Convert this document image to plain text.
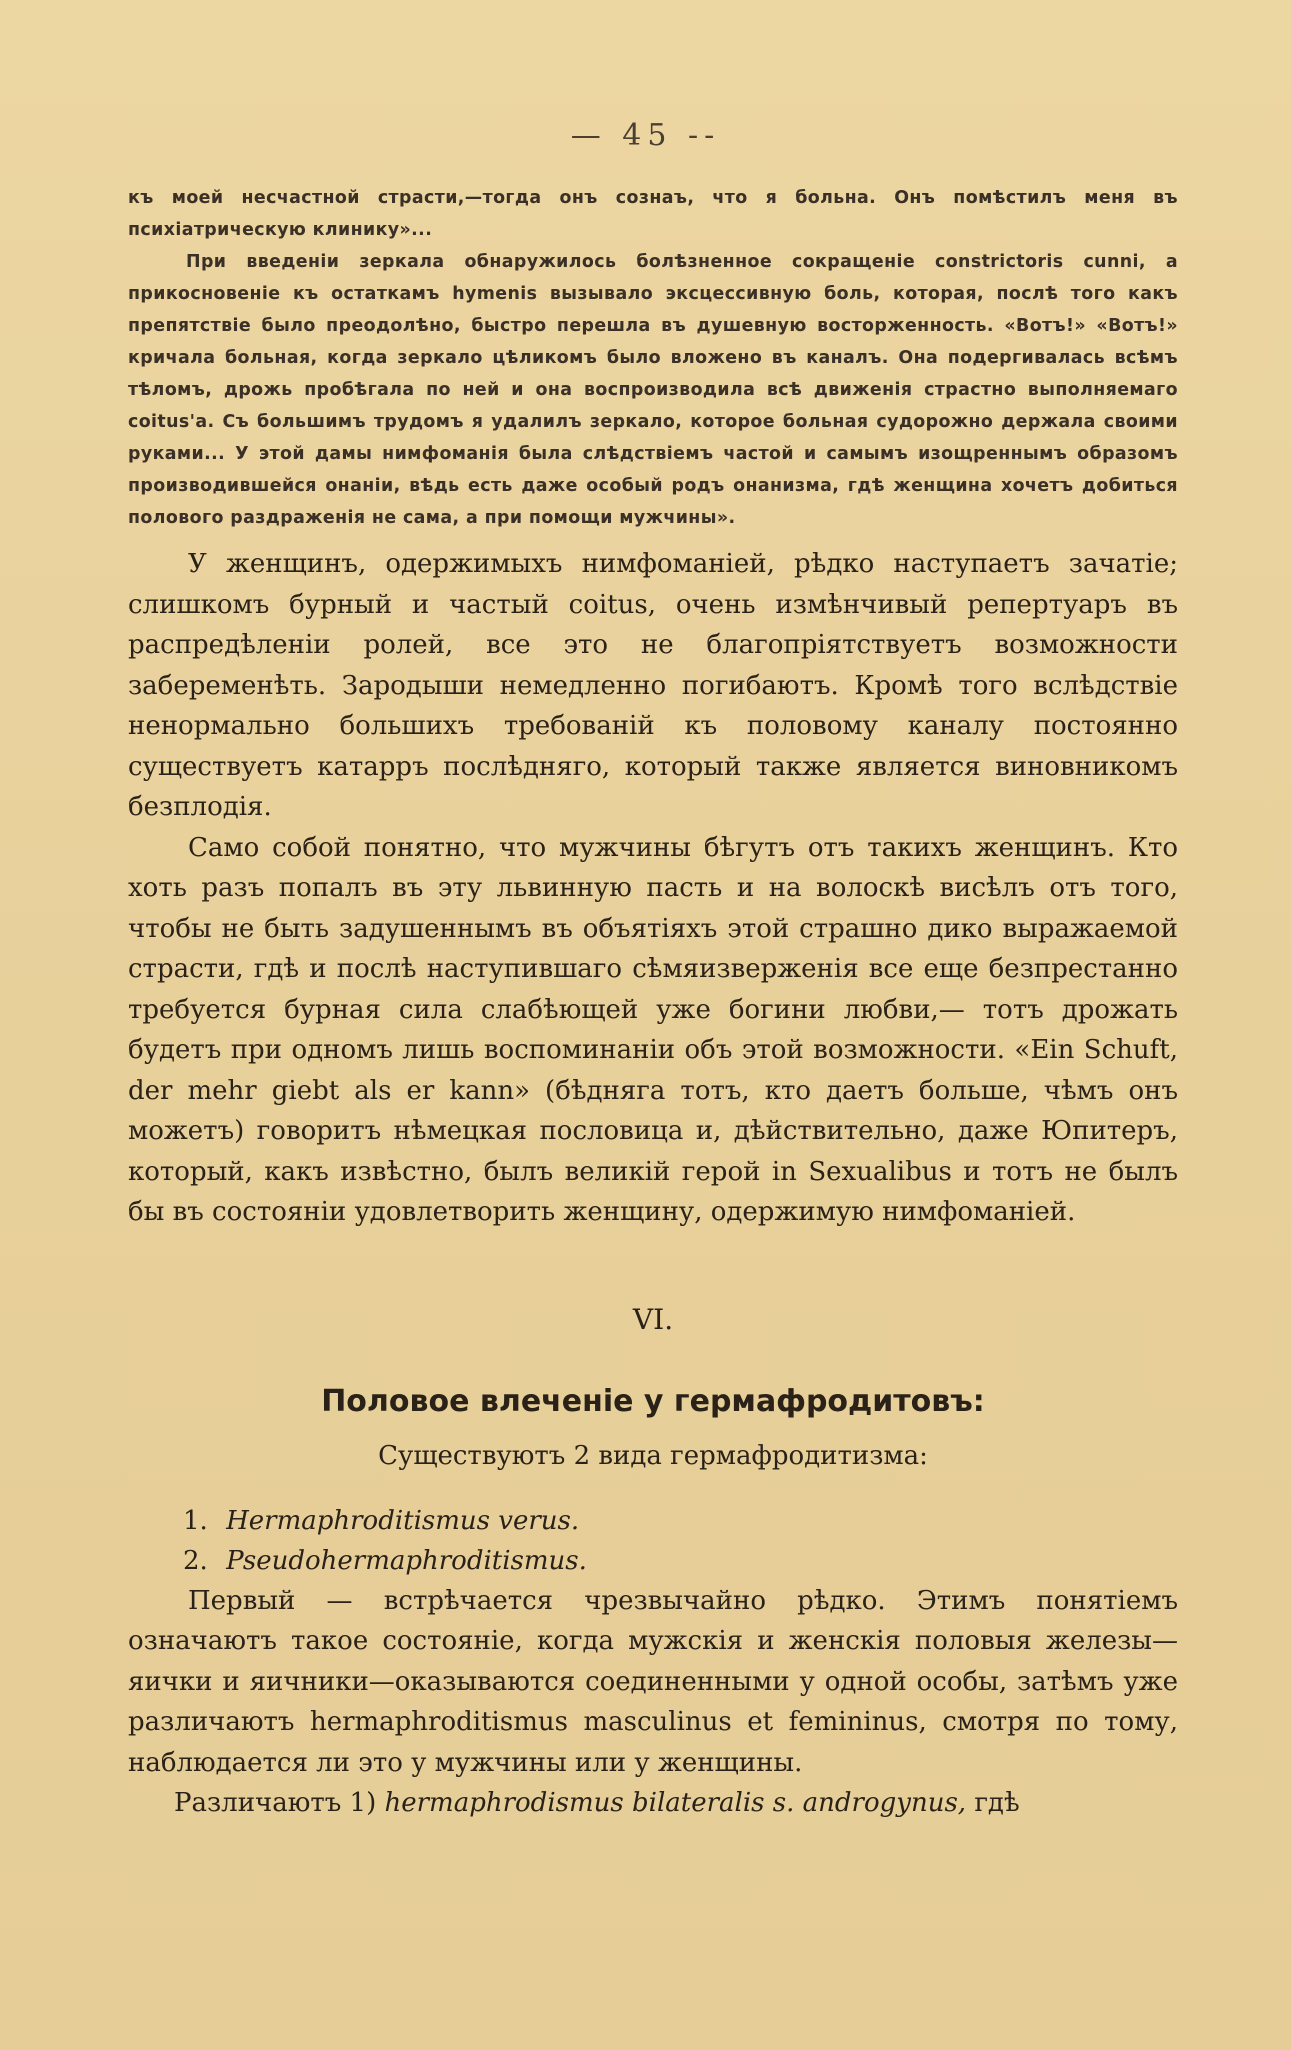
— 45 --

къ моей несчастной страсти,—тогда онъ сознаъ, что я больна. Онъ помѣстилъ меня въ психіатрическую клинику»...

При введеніи зеркала обнаружилось болѣзненное сокращеніе constrictoris cunni, а прикосновеніе къ остаткамъ hymenis вызывало эксцессивную боль, которая, послѣ того какъ препятствіе было преодолѣно, быстро перешла въ душевную восторженность. «Вотъ!» «Вотъ!» кричала больная, когда зеркало цѣликомъ было вложено въ каналъ. Она подергивалась всѣмъ тѣломъ, дрожь пробѣгала по ней и она воспроизводила всѣ движенія страстно выполняемаго coitus'a. Съ большимъ трудомъ я удалилъ зеркало, которое больная судорожно держала своими руками... У этой дамы нимфоманія была слѣдствіемъ частой и самымъ изощреннымъ образомъ производившейся онаніи, вѣдь есть даже особый родъ онанизма, гдѣ женщина хочетъ добиться полового раздраженія не сама, а при помощи мужчины».

У женщинъ, одержимыхъ нимфоманіей, рѣдко наступаетъ зачатіе; слишкомъ бурный и частый coitus, очень измѣнчивый репертуаръ въ распредѣленіи ролей, все это не благопріятствуетъ возможности забеременѣть. Зародыши немедленно погибаютъ. Кромѣ того вслѣдствіе ненормально большихъ требованій къ половому каналу постоянно существуетъ катарръ послѣдняго, который также является виновникомъ безплодія.

Само собой понятно, что мужчины бѣгутъ отъ такихъ женщинъ. Кто хоть разъ попалъ въ эту львинную пасть и на волоскѣ висѣлъ отъ того, чтобы не быть задушеннымъ въ объятіяхъ этой страшно дико выражаемой страсти, гдѣ и послѣ наступившаго сѣмяизверженія все еще безпрестанно требуется бурная сила слабѣющей уже богини любви,— тотъ дрожать будетъ при одномъ лишь воспоминаніи объ этой возможности. «Ein Schuft, der mehr giebt als er kann» (бѣдняга тотъ, кто даетъ больше, чѣмъ онъ можетъ) говоритъ нѣмецкая пословица и, дѣйствительно, даже Юпитеръ, который, какъ извѣстно, былъ великій герой in Sexualibus и тотъ не былъ бы въ состояніи удовлетворить женщину, одержимую нимфоманіей.

VI.
Половое влеченіе у гермафродитовъ:
Существуютъ 2 вида гермафродитизма:
1. Hermaphroditismus verus.
2. Pseudohermaphroditismus.

Первый — встрѣчается чрезвычайно рѣдко. Этимъ понятіемъ означаютъ такое состояніе, когда мужскія и женскія половыя железы— яички и яичники—оказываются соединенными у одной особы, затѣмъ уже различаютъ hermaphroditismus masculinus et femininus, смотря по тому, наблюдается ли это у мужчины или у женщины.

Различаютъ 1) hermaphrodismus bilateralis s. androgynus, гдѣ
